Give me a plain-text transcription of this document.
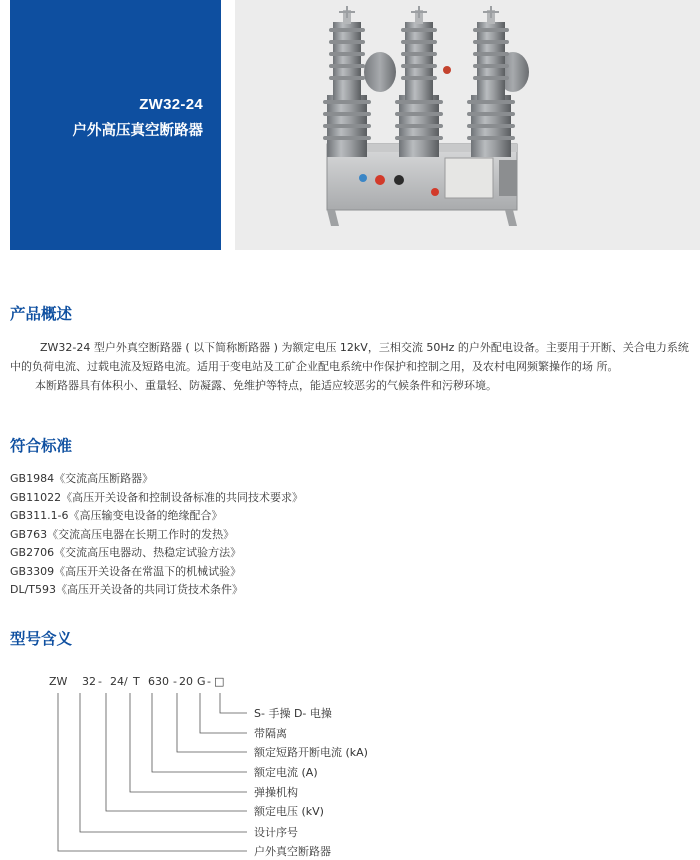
ZW32-24
户外高压真空断路器
产品概述
ZW32-24 型户外真空断路器 ( 以下简称断路器 ) 为额定电压 12kV，三相交流 50Hz 的户外配电设备。主要用于开断、关合电力系统
中的负荷电流、过载电流及短路电流。适用于变电站及工矿企业配电系统中作保护和控制之用，及农村电网频繁操作的场 所。
本断路器具有体积小、重量轻、防凝露、免维护等特点，能适应较恶劣的气候条件和污秽环境。
符合标准
GB1984《交流高压断路器》
GB11022《高压开关设备和控制设备标准的共同技术要求》
GB311.1-6《高压输变电设备的绝缘配合》
GB763《交流高压电器在长期工作时的发热》
GB2706《交流高压电器动、热稳定试验方法》
GB3309《高压开关设备在常温下的机械试验》
DL/T593《高压开关设备的共同订货技术条件》
型号含义
ZW 32 - 24 / T 630 - 20 G - □
S- 手操 D- 电操
带隔离
额定短路开断电流 (kA)
额定电流 (A)
弹操机构
额定电压 (kV)
设计序号
户外真空断路器
